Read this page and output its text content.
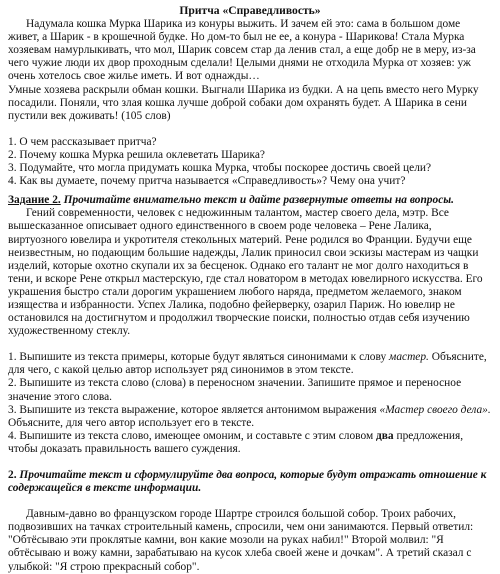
Притча «Справедливость»

Надумала кошка Мурка Шарика из конуры выжить. И зачем ей это: сама в большом доме живет, а Шарик - в крошечной будке. Но дом-то был не ее, а конура - Шарикова! Стала Мурка хозяевам намурлыкивать, что мол, Шарик совсем стар да ленив стал, а еще добр не в меру, из-за чего чужие люди их двор проходным сделали! Целыми днями не отходила Мурка от хозяев: уж очень хотелось свое жилье иметь. И вот однажды…

Умные хозяева раскрыли обман кошки. Выгнали Шарика из будки. А на цепь вместо него Мурку посадили. Поняли, что злая кошка лучше доброй собаки дом охранять будет. А Шарика в сени пустили век доживать! (105 слов)

1. О чем рассказывает притча?
2. Почему кошка Мурка решила оклеветать Шарика?
3. Подумайте, что могла придумать кошка Мурка, чтобы поскорее достичь своей цели?
4. Как вы думаете, почему притча называется «Справедливость»? Чему она учит?

Задание 2. Прочитайте внимательно текст и дайте развернутые ответы на вопросы.

Гений современности, человек с недюжинным талантом, мастер своего дела, мэтр. Все вышесказанное описывает одного единственного в своем роде человека – Рене Лалика, виртуозного ювелира и укротителя стекольных материй. Рене родился во Франции. Будучи еще неизвестным, но подающим большие надежды, Лалик приносил свои эскизы мастерам из чащки изделий, которые охотно скупали их за бесценок. Однако его талант не мог долго находиться в тени, и вскоре Рене открыл мастерскую, где стал новатором в методах ювелирного искусства. Его украшения быстро стали дорогим украшением любого наряда, предметом желаемого, знаком изящества и избранности. Успех Лалика, подобно фейерверку, озарил Париж. Но ювелир не остановился на достигнутом и продолжил творческие поиски, полностью отдав себя изучению художественному стеклу.

1. Выпишите из текста примеры, которые будут являться синонимами к слову мастер. Объясните, для чего, с какой целью автор использует ряд синонимов в этом тексте.

2. Выпишите из текста слово (слова) в переносном значении. Запишите прямое и переносное значение этого слова.

3. Выпишите из текста выражение, которое является антонимом выражения «Мастер своего дела». Объясните, для чего автор использует его в тексте.

4. Выпишите из текста слово, имеющее омоним, и составьте с этим словом два предложения, чтобы доказать правильность вашего суждения.

2. Прочитайте текст и сформулируйте два вопроса, которые будут отражать отношение к содержащейся в тексте информации.

Давным-давно во французском городе Шартре строился большой собор. Троих рабочих, подвозивших на тачках строительный камень, спросили, чем они занимаются. Первый ответил: "Обтёсываю эти проклятые камни, вон какие мозоли на руках набил!" Второй молвил: "Я обтёсываю и вожу камни, зарабатываю на кусок хлеба своей жене и дочкам". А третий сказал с улыбкой: "Я строю прекрасный собор".
